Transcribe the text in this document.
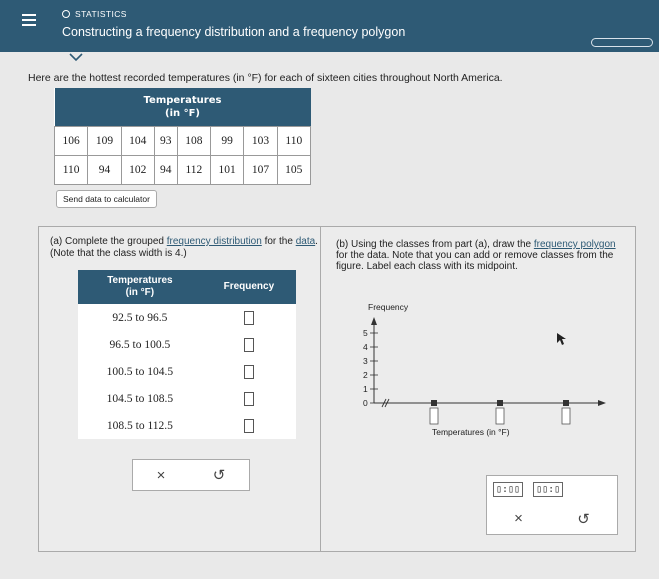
STATISTICS
Constructing a frequency distribution and a frequency polygon
Here are the hottest recorded temperatures (in °F) for each of sixteen cities throughout North America.
Temperatures
(in °F)							

106	109	104	93	108	99	103	110
110	94	102	94	112	101	107	105
Send data to calculator
(a) Complete the grouped frequency distribution for the data. (Note that the class width is 4.)
Temperatures
(in °F)	Frequency
92.5 to 96.5	
96.5 to 100.5	
100.5 to 104.5	
104.5 to 108.5	
108.5 to 112.5	
×	↺
(b) Using the classes from part (a), draw the frequency polygon for the data. Note that you can add or remove classes from the figure. Label each class with its midpoint.
Frequency
5
4
3
2
1
0
Temperatures (in °F)
▯:▯▯	▯▯:▯
×	↺
